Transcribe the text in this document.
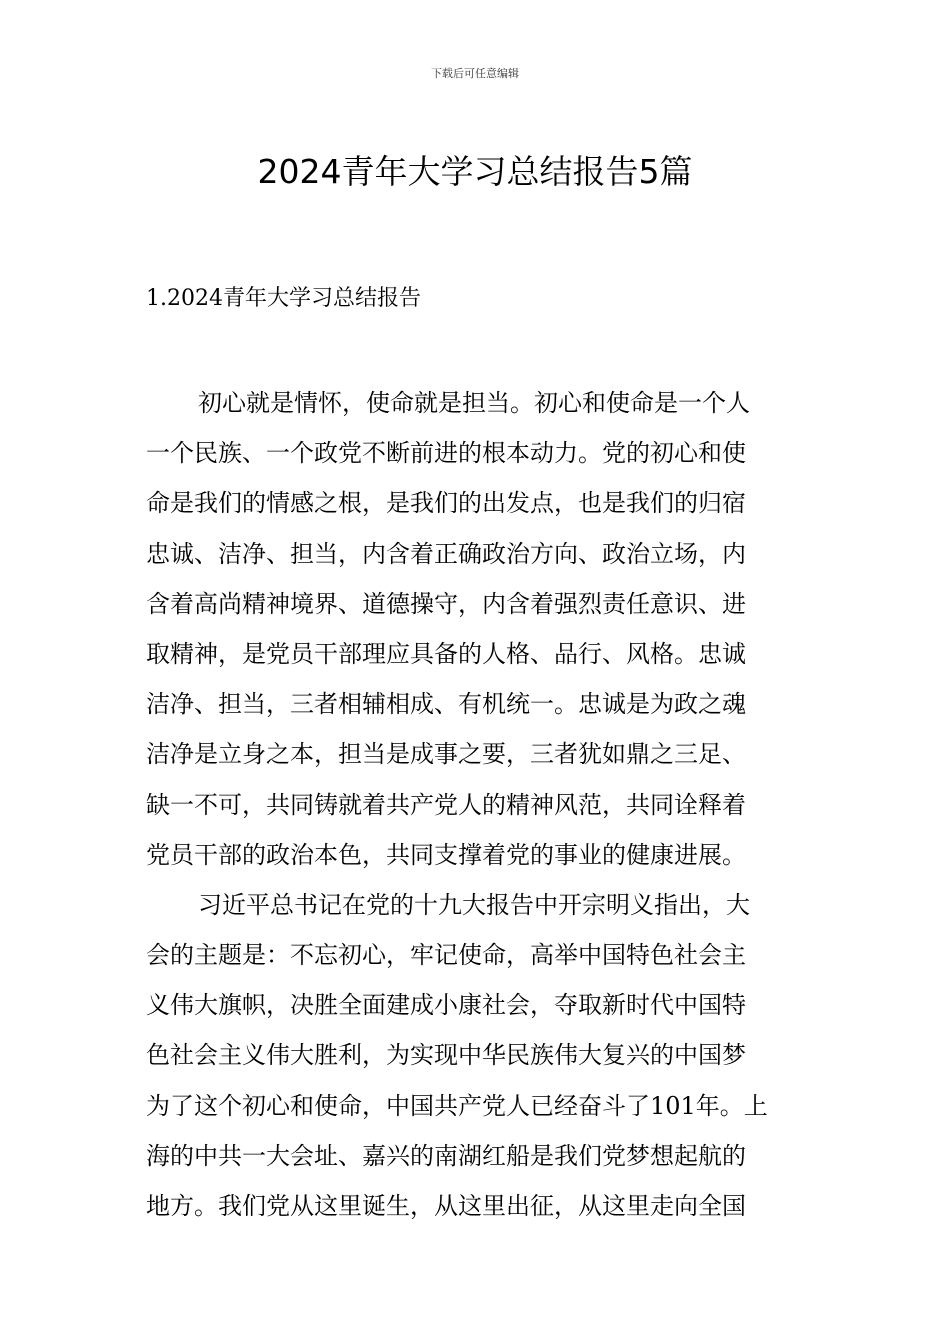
下载后可任意编辑
2024青年大学习总结报告5篇
1.2024青年大学习总结报告
初心就是情怀，使命就是担当。初心和使命是一个人
一个民族、一个政党不断前进的根本动力。党的初心和使
命是我们的情感之根，是我们的出发点，也是我们的归宿
忠诚、洁净、担当，内含着正确政治方向、政治立场，内
含着高尚精神境界、道德操守，内含着强烈责任意识、进
取精神，是党员干部理应具备的人格、品行、风格。忠诚
洁净、担当，三者相辅相成、有机统一。忠诚是为政之魂
洁净是立身之本，担当是成事之要，三者犹如鼎之三足、
缺一不可，共同铸就着共产党人的精神风范，共同诠释着
党员干部的政治本色，共同支撑着党的事业的健康进展。
习近平总书记在党的十九大报告中开宗明义指出，大
会的主题是：不忘初心，牢记使命，高举中国特色社会主
义伟大旗帜，决胜全面建成小康社会，夺取新时代中国特
色社会主义伟大胜利，为实现中华民族伟大复兴的中国梦
为了这个初心和使命，中国共产党人已经奋斗了101年。上
海的中共一大会址、嘉兴的南湖红船是我们党梦想起航的
地方。我们党从这里诞生，从这里出征，从这里走向全国
